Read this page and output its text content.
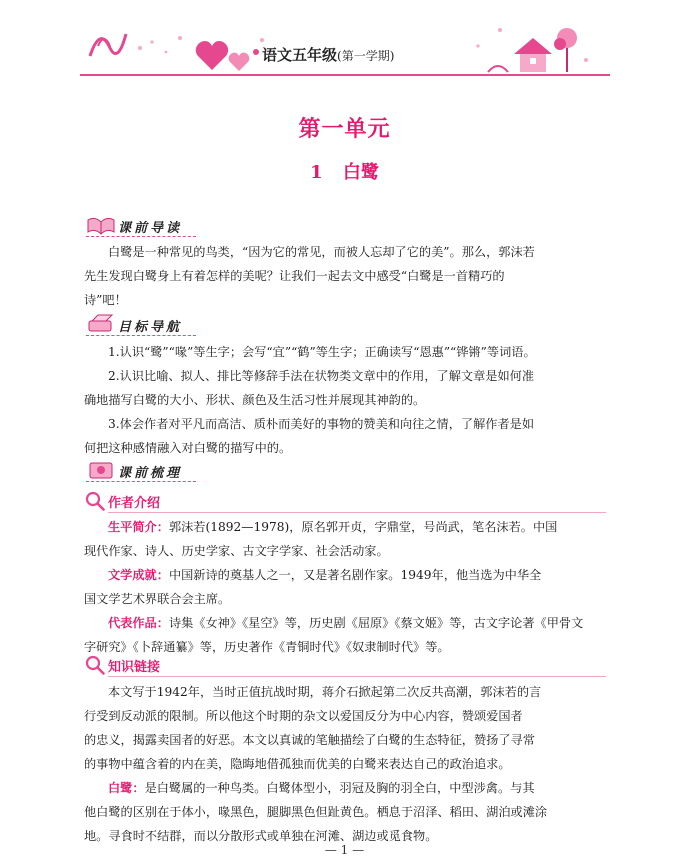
语文五年级(第一学期)
第一单元
1 白鹭
课前导读
白鹭是一种常见的鸟类，“因为它的常见，而被人忘却了它的美”。那么，郭沫若
先生发现白鹭身上有着怎样的美呢？让我们一起去文中感受“白鹭是一首精巧的
诗”吧！
目标导航
1.认识“鹭”“喙”等生字；会写“宜”“鹤”等生字；正确读写“恩惠”“铧锵”等词语。
2.认识比喻、拟人、排比等修辞手法在状物类文章中的作用，了解文章是如何准
确地描写白鹭的大小、形状、颜色及生活习性并展现其神韵的。
3.体会作者对平凡而高洁、质朴而美好的事物的赞美和向往之情，了解作者是如
何把这种感情融入对白鹭的描写中的。
课前梳理
作者介绍
生平简介：郭沫若(1892—1978)，原名郭开贞，字鼎堂，号尚武，笔名沫若。中国
现代作家、诗人、历史学家、古文字学家、社会活动家。
文学成就：中国新诗的奠基人之一，又是著名剧作家。1949年，他当选为中华全
国文学艺术界联合会主席。
代表作品：诗集《女神》《星空》等，历史剧《屈原》《蔡文姬》等，古文字论著《甲骨文
字研究》《卜辞通纂》等，历史著作《青铜时代》《奴隶制时代》等。
知识链接
本文写于1942年，当时正值抗战时期，蒋介石掀起第二次反共高潮，郭沫若的言
行受到反动派的限制。所以他这个时期的杂文以爱国反分为中心内容，赞颂爱国者
的忠义，揭露卖国者的好恶。本文以真诚的笔触描绘了白鹭的生态特征，赞扬了寻常
的事物中蕴含着的内在美，隐晦地借孤独而优美的白鹭来表达自己的政治追求。
白鹭：是白鹭属的一种鸟类。白鹭体型小，羽冠及胸的羽全白，中型涉禽。与其
他白鹭的区别在于体小，喙黑色，腿脚黑色但趾黄色。栖息于沼泽、稻田、湖泊或滩涂
地。寻食时不结群，而以分散形式或单独在河滩、湖边或觅食物。
— 1 —
